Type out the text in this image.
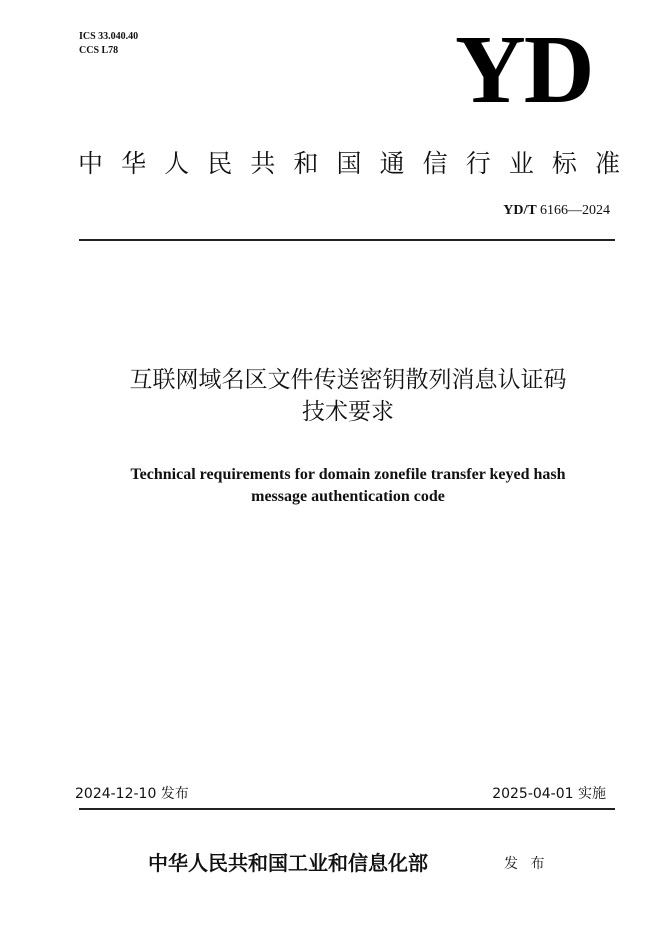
ICS 33.040.40
CCS L78	YD
中华人民共和国通信行业标准
YD/T 6166—2024
互联网域名区文件传送密钥散列消息认证码
技术要求
Technical requirements for domain zonefile transfer keyed hash
message authentication code
2024-12-10 发布	2025-04-01 实施
中华人民共和国工业和信息化部	发 布
